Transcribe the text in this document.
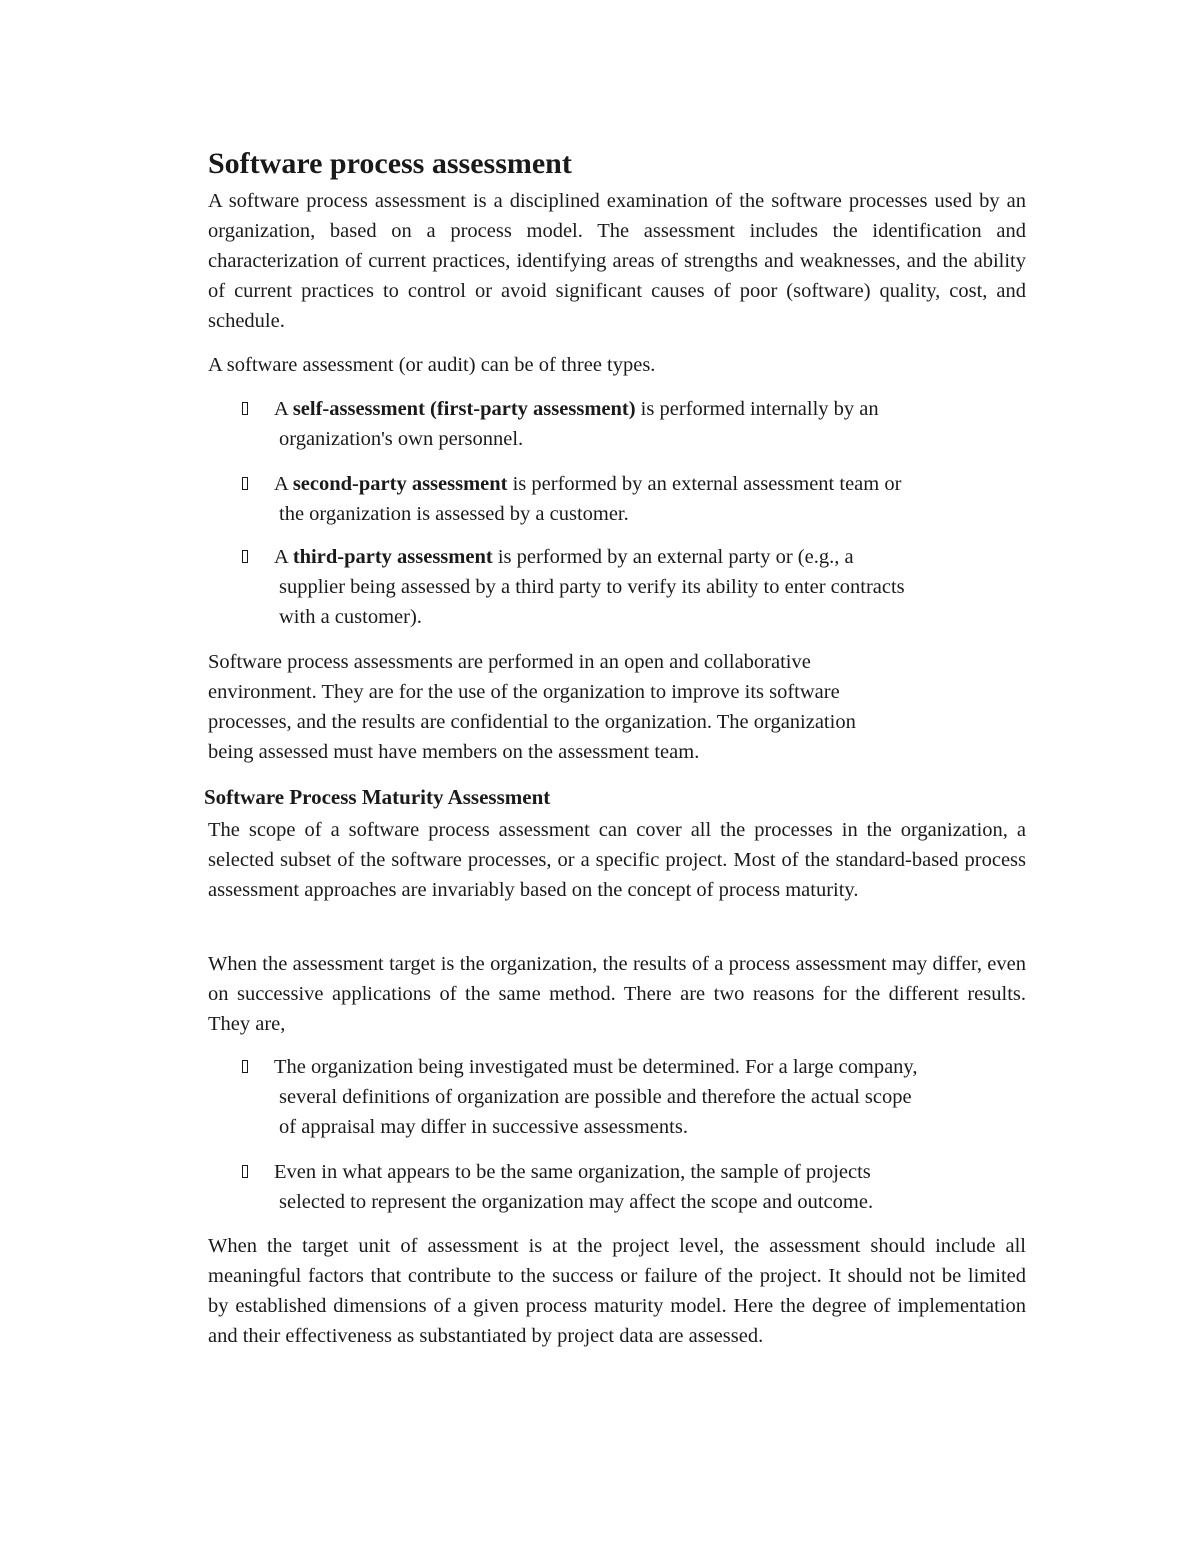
Software process assessment

A software process assessment is a disciplined examination of the software processes used by an organization, based on a process model. The assessment includes the identification and characterization of current practices, identifying areas of strengths and weaknesses, and the ability of current practices to control or avoid significant causes of poor (software) quality, cost, and schedule.

A software assessment (or audit) can be of three types.

A self-assessment (first-party assessment) is performed internally by an
organization's own personnel.
A second-party assessment is performed by an external assessment team or
the organization is assessed by a customer.
A third-party assessment is performed by an external party or (e.g., a
supplier being assessed by a third party to verify its ability to enter contracts
with a customer).
Software process assessments are performed in an open and collaborative
environment. They are for the use of the organization to improve its software
processes, and the results are confidential to the organization. The organization
being assessed must have members on the assessment team.
Software Process Maturity Assessment

The scope of a software process assessment can cover all the processes in the organization, a selected subset of the software processes, or a specific project. Most of the standard-based process assessment approaches are invariably based on the concept of process maturity.

When the assessment target is the organization, the results of a process assessment may differ, even on successive applications of the same method. There are two reasons for the different results. They are,

The organization being investigated must be determined. For a large company,
several definitions of organization are possible and therefore the actual scope
of appraisal may differ in successive assessments.
Even in what appears to be the same organization, the sample of projects
selected to represent the organization may affect the scope and outcome.

When the target unit of assessment is at the project level, the assessment should include all meaningful factors that contribute to the success or failure of the project. It should not be limited by established dimensions of a given process maturity model. Here the degree of implementation and their effectiveness as substantiated by project data are assessed.
